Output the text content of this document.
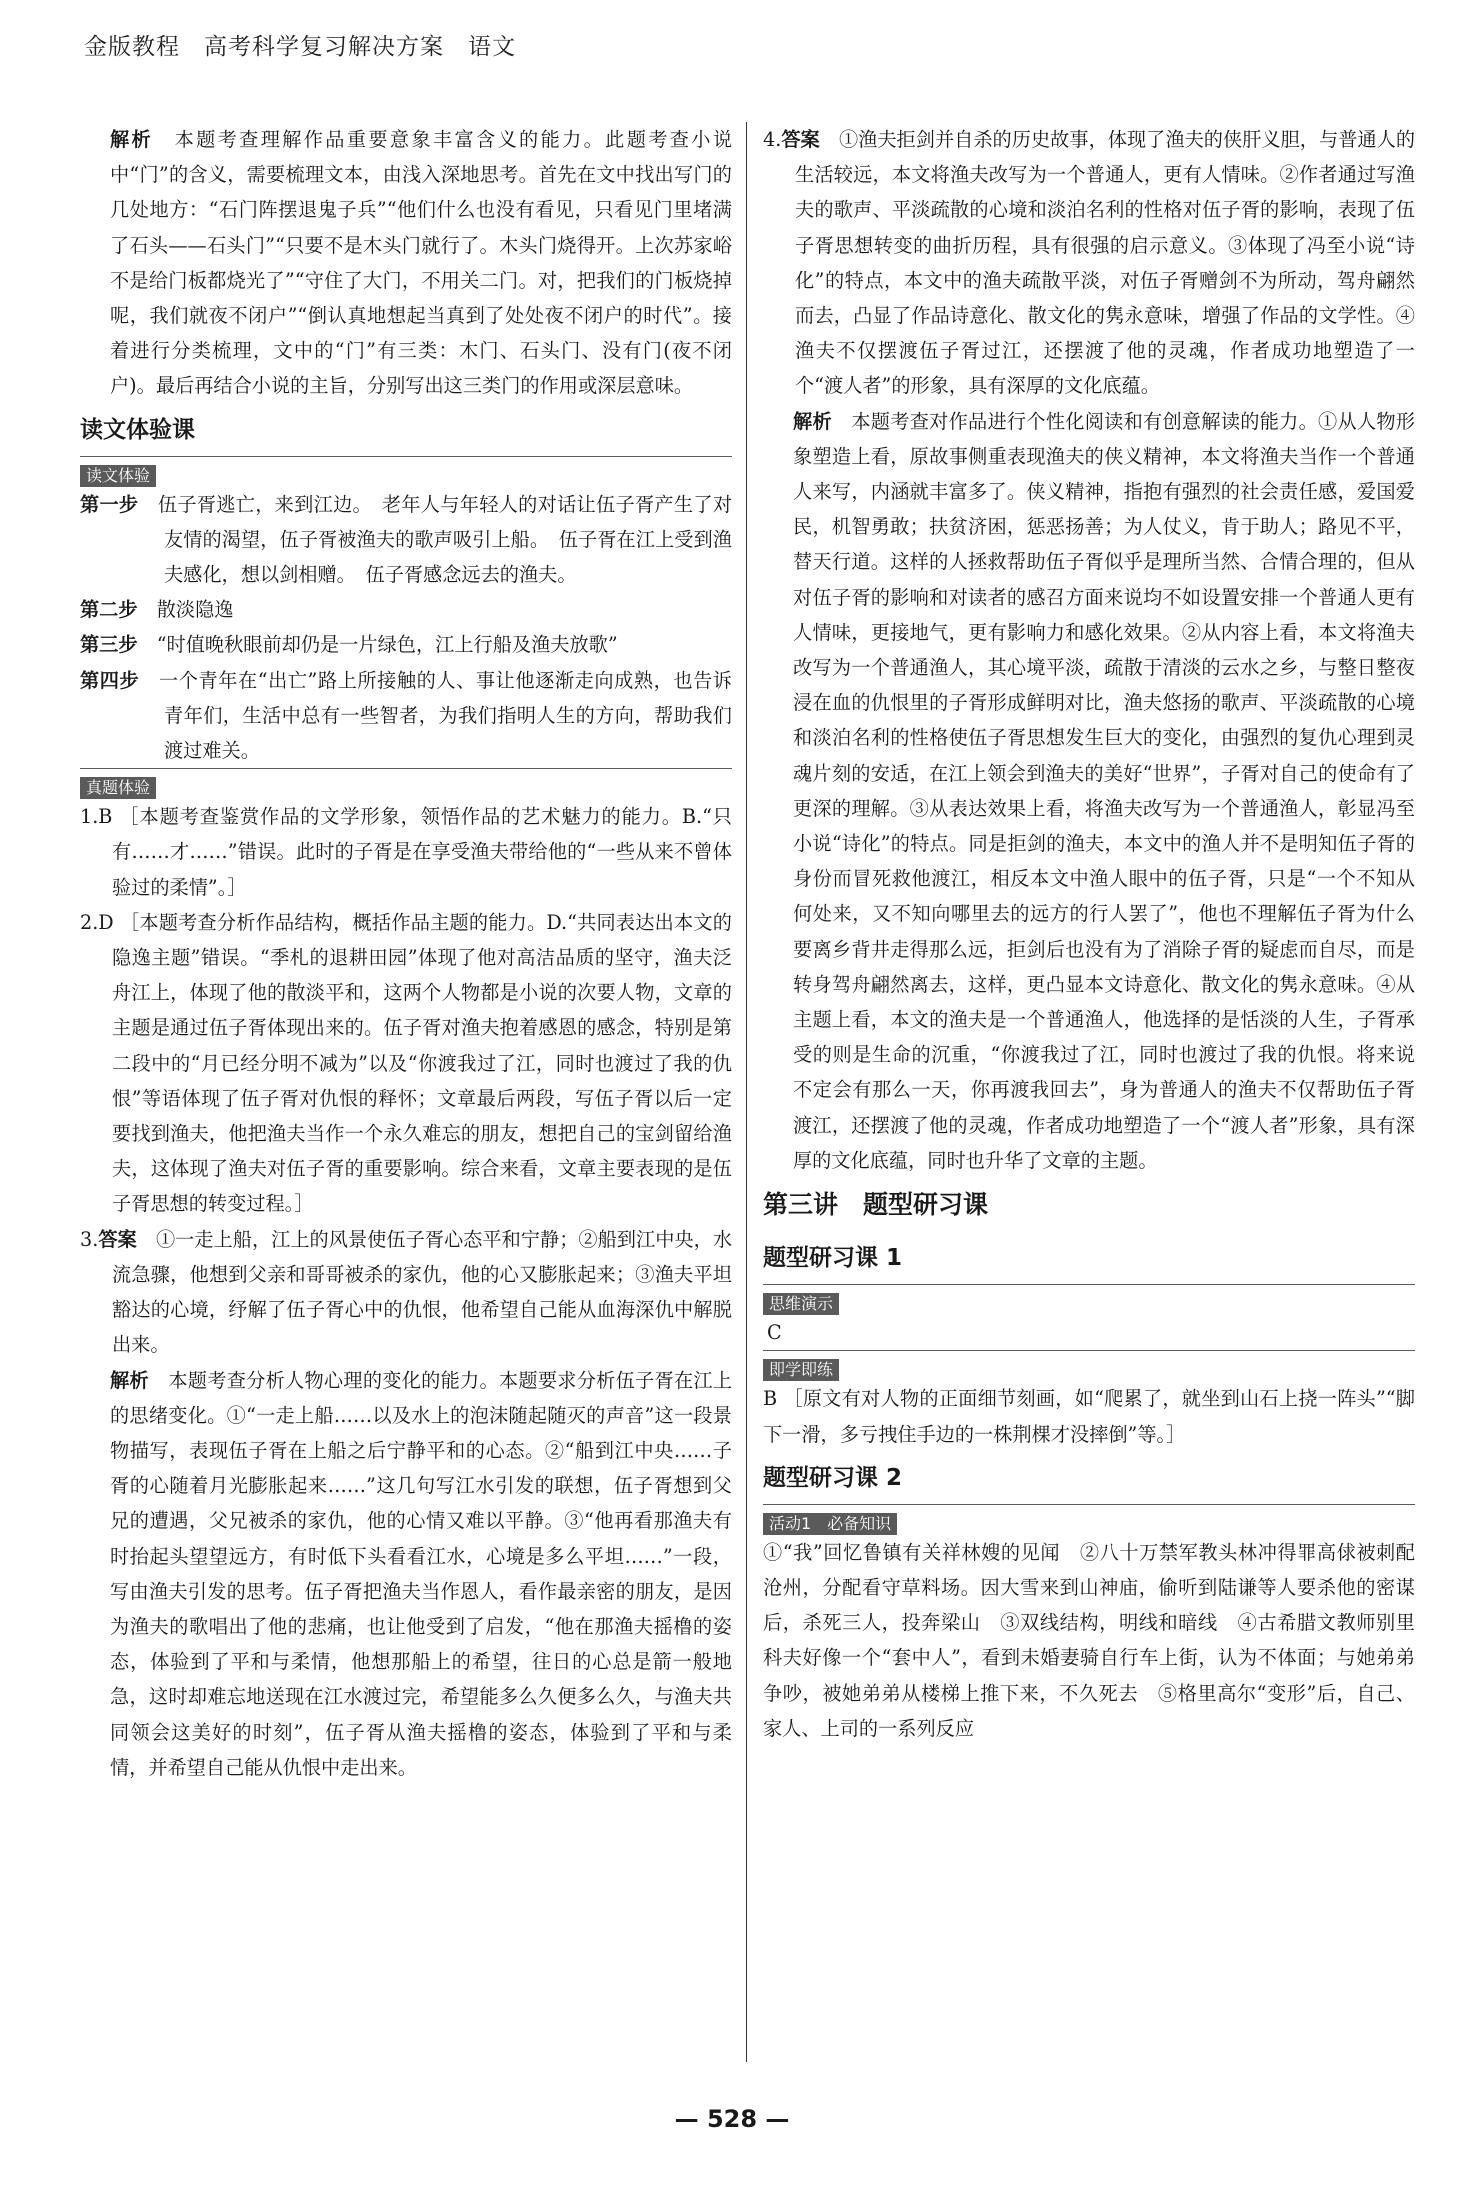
金版教程　高考科学复习解决方案　语文

解析　 本题考查理解作品重要意象丰富含义的能力。此题考查小说中“门”的含义，需要梳理文本，由浅入深地思考。首先在文中找出写门的几处地方：“石门阵摆退鬼子兵”“他们什么也没有看见，只看见门里堵满了石头——石头门”“只要不是木头门就行了。木头门烧得开。上次苏家峪不是给门板都烧光了”“守住了大门，不用关二门。对，把我们的门板烧掉呢，我们就夜不闭户”“倒认真地想起当真到了处处夜不闭户的时代”。接着进行分类梳理，文中的“门”有三类：木门、石头门、没有门(夜不闭户)。最后再结合小说的主旨，分别写出这三类门的作用或深层意味。

读文体验课

读文体验

第一步　 伍子胥逃亡，来到江边。　老年人与年轻人的对话让伍子胥产生了对友情的渴望，伍子胥被渔夫的歌声吸引上船。　伍子胥在江上受到渔夫感化，想以剑相赠。　伍子胥感念远去的渔夫。

第二步　 散淡隐逸

第三步　 “时值晚秋眼前却仍是一片绿色，江上行船及渔夫放歌”

第四步　 一个青年在“出亡”路上所接触的人、事让他逐渐走向成熟，也告诉青年们，生活中总有一些智者，为我们指明人生的方向，帮助我们渡过难关。

真题体验

1.B ［本题考查鉴赏作品的文学形象，领悟作品的艺术魅力的能力。B.“只有……才……”错误。此时的子胥是在享受渔夫带给他的“一些从来不曾体验过的柔情”。］

2.D ［本题考查分析作品结构，概括作品主题的能力。D.“共同表达出本文的隐逸主题”错误。“季札的退耕田园”体现了他对高洁品质的坚守，渔夫泛舟江上，体现了他的散淡平和，这两个人物都是小说的次要人物，文章的主题是通过伍子胥体现出来的。伍子胥对渔夫抱着感恩的感念，特别是第二段中的“月已经分明不减为”以及“你渡我过了江，同时也渡过了我的仇恨”等语体现了伍子胥对仇恨的释怀；文章最后两段，写伍子胥以后一定要找到渔夫，他把渔夫当作一个永久难忘的朋友，想把自己的宝剑留给渔夫，这体现了渔夫对伍子胥的重要影响。综合来看，文章主要表现的是伍子胥思想的转变过程。］

3.答案　 ①一走上船，江上的风景使伍子胥心态平和宁静；②船到江中央，水流急骤，他想到父亲和哥哥被杀的家仇，他的心又膨胀起来；③渔夫平坦豁达的心境，纾解了伍子胥心中的仇恨，他希望自己能从血海深仇中解脱出来。

解析　 本题考查分析人物心理的变化的能力。本题要求分析伍子胥在江上的思绪变化。①“一走上船……以及水上的泡沫随起随灭的声音”这一段景物描写，表现伍子胥在上船之后宁静平和的心态。②“船到江中央……子胥的心随着月光膨胀起来……”这几句写江水引发的联想，伍子胥想到父兄的遭遇，父兄被杀的家仇，他的心情又难以平静。③“他再看那渔夫有时抬起头望望远方，有时低下头看看江水，心境是多么平坦……”一段，写由渔夫引发的思考。伍子胥把渔夫当作恩人，看作最亲密的朋友，是因为渔夫的歌唱出了他的悲痛，也让他受到了启发，“他在那渔夫摇橹的姿态，体验到了平和与柔情，他想那船上的希望，往日的心总是箭一般地急，这时却难忘地送现在江水渡过完，希望能多么久便多么久，与渔夫共同领会这美好的时刻”，伍子胥从渔夫摇橹的姿态，体验到了平和与柔情，并希望自己能从仇恨中走出来。

4.答案　 ①渔夫拒剑并自杀的历史故事，体现了渔夫的侠肝义胆，与普通人的生活较远，本文将渔夫改写为一个普通人，更有人情味。②作者通过写渔夫的歌声、平淡疏散的心境和淡泊名利的性格对伍子胥的影响，表现了伍子胥思想转变的曲折历程，具有很强的启示意义。③体现了冯至小说“诗化”的特点，本文中的渔夫疏散平淡，对伍子胥赠剑不为所动，驾舟翩然而去，凸显了作品诗意化、散文化的隽永意味，增强了作品的文学性。④渔夫不仅摆渡伍子胥过江，还摆渡了他的灵魂，作者成功地塑造了一个“渡人者”的形象，具有深厚的文化底蕴。

解析　 本题考查对作品进行个性化阅读和有创意解读的能力。①从人物形象塑造上看，原故事侧重表现渔夫的侠义精神，本文将渔夫当作一个普通人来写，内涵就丰富多了。侠义精神，指抱有强烈的社会责任感，爱国爱民，机智勇敢；扶贫济困，惩恶扬善；为人仗义，肯于助人；路见不平，替天行道。这样的人拯救帮助伍子胥似乎是理所当然、合情合理的，但从对伍子胥的影响和对读者的感召方面来说均不如设置安排一个普通人更有人情味，更接地气，更有影响力和感化效果。②从内容上看，本文将渔夫改写为一个普通渔人，其心境平淡，疏散于清淡的云水之乡，与整日整夜浸在血的仇恨里的子胥形成鲜明对比，渔夫悠扬的歌声、平淡疏散的心境和淡泊名利的性格使伍子胥思想发生巨大的变化，由强烈的复仇心理到灵魂片刻的安适，在江上领会到渔夫的美好“世界”，子胥对自己的使命有了更深的理解。③从表达效果上看，将渔夫改写为一个普通渔人，彰显冯至小说“诗化”的特点。同是拒剑的渔夫，本文中的渔人并不是明知伍子胥的身份而冒死救他渡江，相反本文中渔人眼中的伍子胥，只是“一个不知从何处来，又不知向哪里去的远方的行人罢了”，他也不理解伍子胥为什么要离乡背井走得那么远，拒剑后也没有为了消除子胥的疑虑而自尽，而是转身驾舟翩然离去，这样，更凸显本文诗意化、散文化的隽永意味。④从主题上看，本文的渔夫是一个普通渔人，他选择的是恬淡的人生，子胥承受的则是生命的沉重，“你渡我过了江，同时也渡过了我的仇恨。将来说不定会有那么一天，你再渡我回去”，身为普通人的渔夫不仅帮助伍子胥渡江，还摆渡了他的灵魂，作者成功地塑造了一个“渡人者”形象，具有深厚的文化底蕴，同时也升华了文章的主题。

第三讲　题型研习课

题型研习课 1

思维演示

C

即学即练

B ［原文有对人物的正面细节刻画，如“爬累了，就坐到山石上挠一阵头”“脚下一滑，多亏拽住手边的一株荆棵才没摔倒”等。］

题型研习课 2

活动1　必备知识

①“我”回忆鲁镇有关祥林嫂的见闻　②八十万禁军教头林冲得罪高俅被刺配沧州，分配看守草料场。因大雪来到山神庙，偷听到陆谦等人要杀他的密谋后，杀死三人，投奔梁山　③双线结构，明线和暗线　④古希腊文教师别里科夫好像一个“套中人”，看到未婚妻骑自行车上街，认为不体面；与她弟弟争吵，被她弟弟从楼梯上推下来，不久死去　⑤格里高尔“变形”后，自己、家人、上司的一系列反应

— 528 —
